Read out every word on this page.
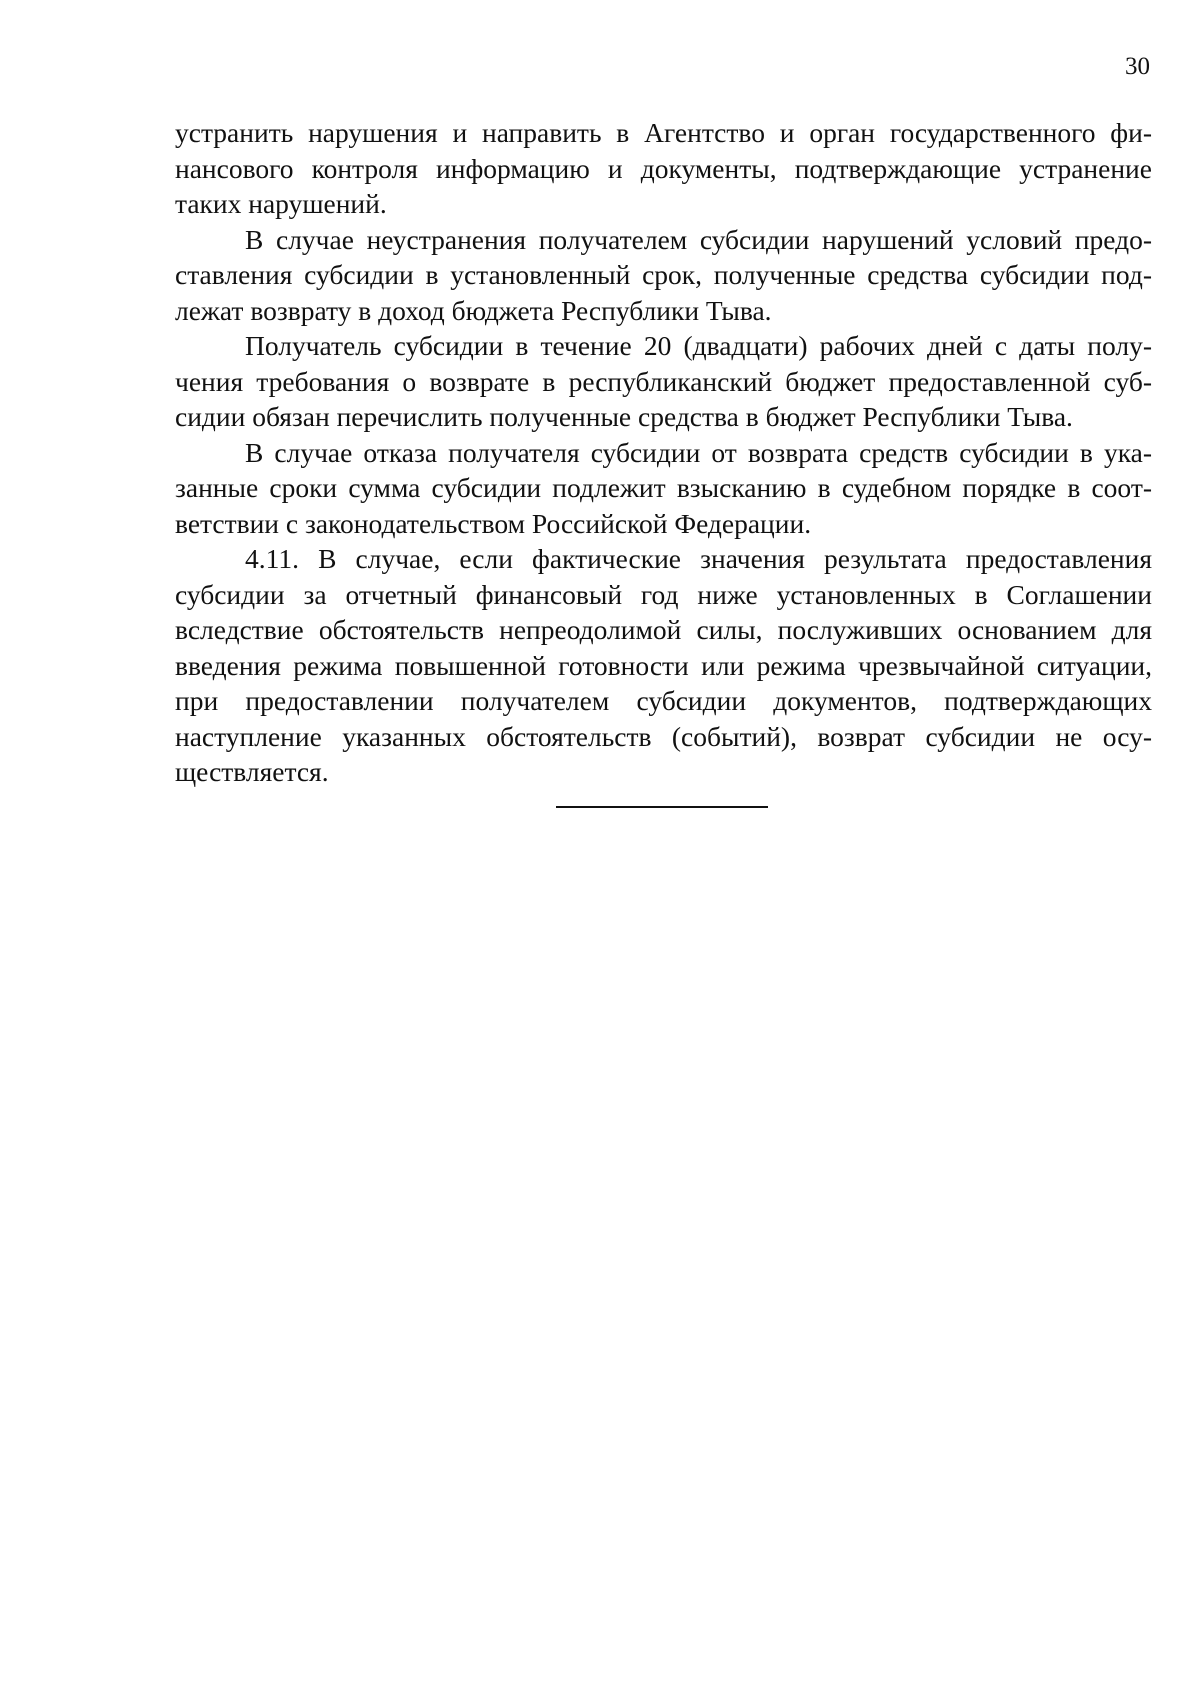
30

устранить нарушения и направить в Агентство и орган государственного фи-
нансового контроля информацию и документы, подтверждающие устранение
таких нарушений.

В случае неустранения получателем субсидии нарушений условий предо-
ставления субсидии в установленный срок, полученные средства субсидии под-
лежат возврату в доход бюджета Республики Тыва.

Получатель субсидии в течение 20 (двадцати) рабочих дней с даты полу-
чения требования о возврате в республиканский бюджет предоставленной суб-
сидии обязан перечислить полученные средства в бюджет Республики Тыва.

В случае отказа получателя субсидии от возврата средств субсидии в ука-
занные сроки сумма субсидии подлежит взысканию в судебном порядке в соот-
ветствии с законодательством Российской Федерации.

4.11. В случае, если фактические значения результата предоставления
субсидии за отчетный финансовый год ниже установленных в Соглашении
вследствие обстоятельств непреодолимой силы, послуживших основанием для
введения режима повышенной готовности или режима чрезвычайной ситуации,
при предоставлении получателем субсидии документов, подтверждающих
наступление указанных обстоятельств (событий), возврат субсидии не осу-
ществляется.
